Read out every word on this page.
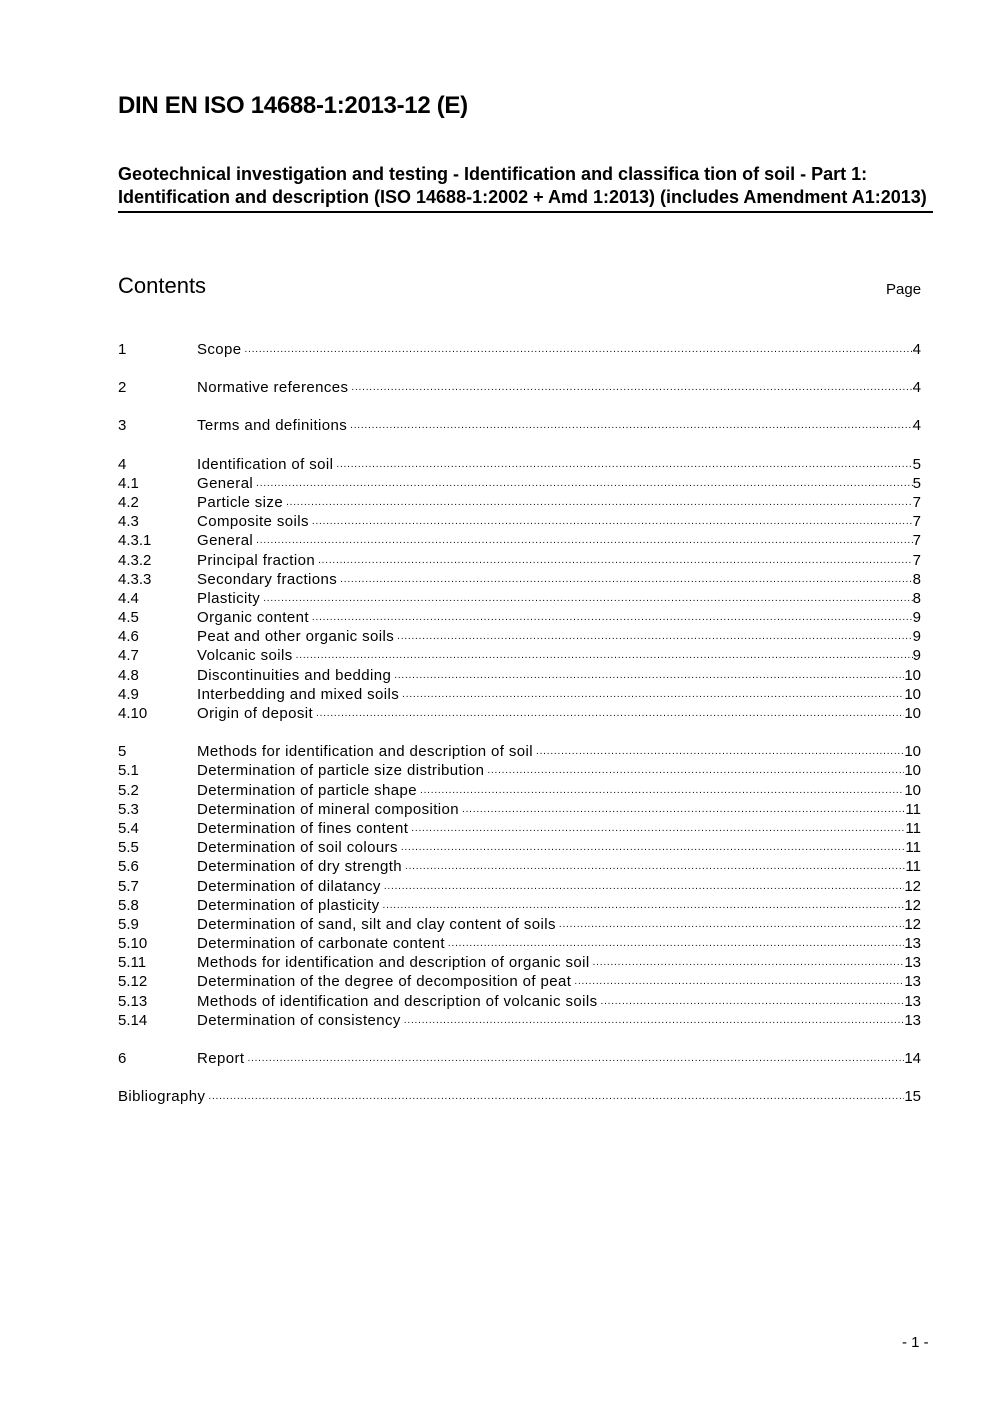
DIN EN ISO 14688-1:2013-12 (E)
Geotechnical investigation and testing - Identification and classifica tion of soil - Part 1: Identification and description (ISO 14688-1:2002 + Amd 1:2013) (includes Amendment A1:2013)
Contents	Page
1	Scope .....	4
2	Normative references .....	4
3	Terms and definitions .....	4
4	Identification of soil .....	5
4.1	General .....	5
4.2	Particle size .....	7
4.3	Composite soils .....	7
4.3.1	General .....	7
4.3.2	Principal fraction .....	7
4.3.3	Secondary fractions .....	8
4.4	Plasticity .....	8
4.5	Organic content .....	9
4.6	Peat and other organic soils .....	9
4.7	Volcanic soils .....	9
4.8	Discontinuities and bedding .....	10
4.9	Interbedding and mixed soils .....	10
4.10	Origin of deposit .....	10
5	Methods for identification and description of soil .....	10
5.1	Determination of particle size distribution .....	10
5.2	Determination of particle shape .....	10
5.3	Determination of mineral composition .....	11
5.4	Determination of fines content .....	11
5.5	Determination of soil colours .....	11
5.6	Determination of dry strength .....	11
5.7	Determination of dilatancy .....	12
5.8	Determination of plasticity .....	12
5.9	Determination of sand, silt and clay content of soils .....	12
5.10	Determination of carbonate content .....	13
5.11	Methods for identification and description of organic soil .....	13
5.12	Determination of the degree of decomposition of peat .....	13
5.13	Methods of identification and description of volcanic soils .....	13
5.14	Determination of consistency .....	13
6	Report .....	14
Bibliography .....	15
- 1 -
